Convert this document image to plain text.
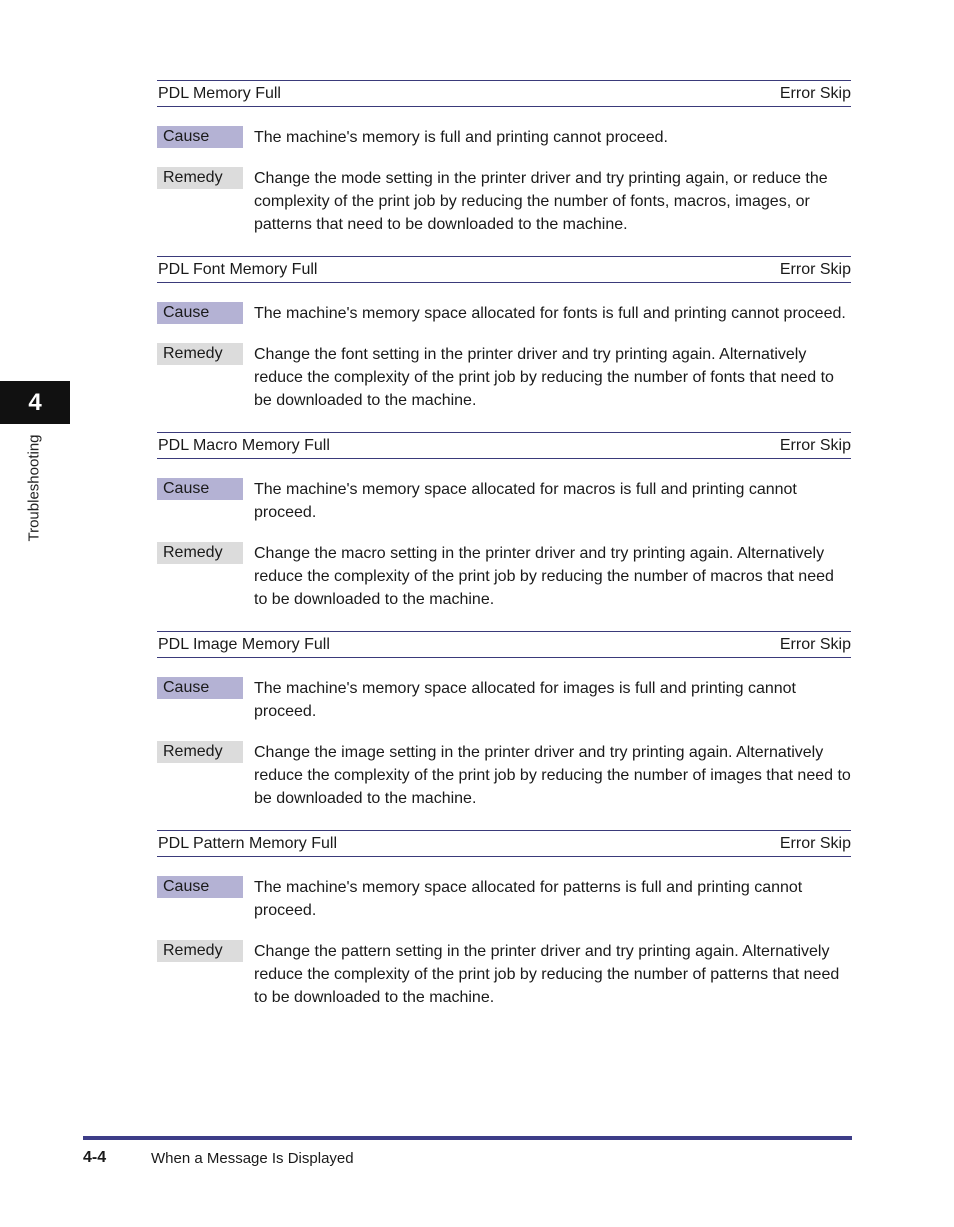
4
Troubleshooting
PDL Memory Full	Error Skip
Cause	The machine's memory is full and printing cannot proceed.
Remedy	Change the mode setting in the printer driver and try printing again, or reduce the complexity of the print job by reducing the number of fonts, macros, images, or patterns that need to be downloaded to the machine.
PDL Font Memory Full	Error Skip
Cause	The machine's memory space allocated for fonts is full and printing cannot proceed.
Remedy	Change the font setting in the printer driver and try printing again. Alternatively reduce the complexity of the print job by reducing the number of fonts that need to be downloaded to the machine.
PDL Macro Memory Full	Error Skip
Cause	The machine's memory space allocated for macros is full and printing cannot proceed.
Remedy	Change the macro setting in the printer driver and try printing again. Alternatively reduce the complexity of the print job by reducing the number of macros that need to be downloaded to the machine.
PDL Image Memory Full	Error Skip
Cause	The machine's memory space allocated for images is full and printing cannot proceed.
Remedy	Change the image setting in the printer driver and try printing again. Alternatively reduce the complexity of the print job by reducing the number of images that need to be downloaded to the machine.
PDL Pattern Memory Full	Error Skip
Cause	The machine's memory space allocated for patterns is full and printing cannot proceed.
Remedy	Change the pattern setting in the printer driver and try printing again. Alternatively reduce the complexity of the print job by reducing the number of patterns that need to be downloaded to the machine.
4-4	When a Message Is Displayed
